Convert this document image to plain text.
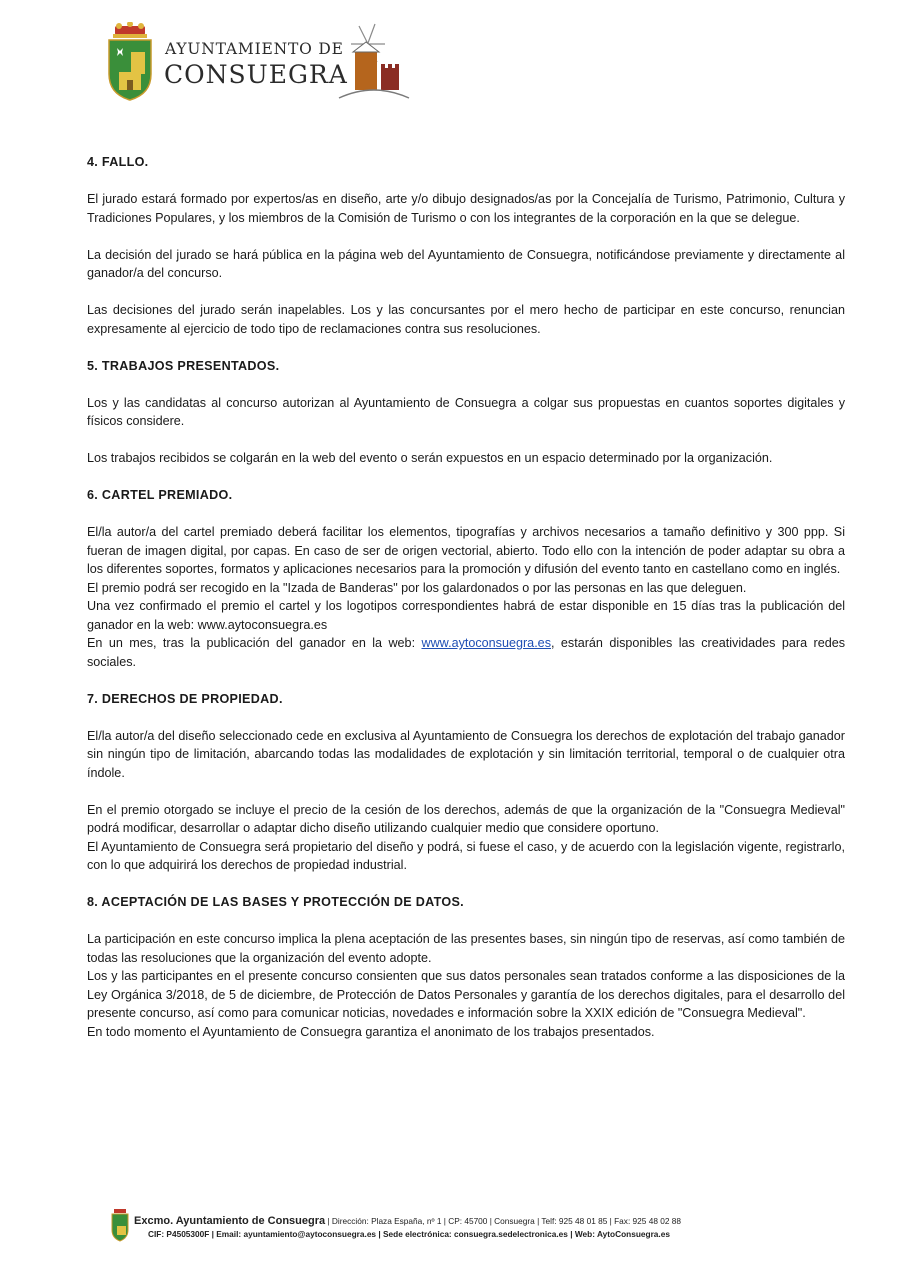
AYUNTAMIENTO DE
CONSUEGRA
4. FALLO.

El jurado estará formado por expertos/as en diseño, arte y/o dibujo designados/as por la Concejalía de Turismo, Patrimonio, Cultura y Tradiciones Populares, y los miembros de la Comisión de Turismo o con los integrantes de la corporación en la que se delegue.

La decisión del jurado se hará pública en la página web del Ayuntamiento de Consuegra, notificándose previamente y directamente al ganador/a del concurso.

Las decisiones del jurado serán inapelables. Los y las concursantes por el mero hecho de participar en este concurso, renuncian expresamente al ejercicio de todo tipo de reclamaciones contra sus resoluciones.

5. TRABAJOS PRESENTADOS.

Los y las candidatas al concurso autorizan al Ayuntamiento de Consuegra a colgar sus propuestas en cuantos soportes digitales y físicos considere.

Los trabajos recibidos se colgarán en la web del evento o serán expuestos en un espacio determinado por la organización.

6. CARTEL PREMIADO.

El/la autor/a del cartel premiado deberá facilitar los elementos, tipografías y archivos necesarios a tamaño definitivo y 300 ppp. Si fueran de imagen digital, por capas. En caso de ser de origen vectorial, abierto. Todo ello con la intención de poder adaptar su obra a los diferentes soportes, formatos y aplicaciones necesarios para la promoción y difusión del evento tanto en castellano como en inglés.

El premio podrá ser recogido en la "Izada de Banderas" por los galardonados o por las personas en las que deleguen.

Una vez confirmado el premio el cartel y los logotipos correspondientes habrá de estar disponible en 15 días tras la publicación del ganador en la web: www.aytoconsuegra.es

En un mes, tras la publicación del ganador en la web: www.aytoconsuegra.es, estarán disponibles las creatividades para redes sociales.

7. DERECHOS DE PROPIEDAD.

El/la autor/a del diseño seleccionado cede en exclusiva al Ayuntamiento de Consuegra los derechos de explotación del trabajo ganador sin ningún tipo de limitación, abarcando todas las modalidades de explotación y sin limitación territorial, temporal o de cualquier otra índole.

En el premio otorgado se incluye el precio de la cesión de los derechos, además de que la organización de la "Consuegra Medieval" podrá modificar, desarrollar o adaptar dicho diseño utilizando cualquier medio que considere oportuno.

El Ayuntamiento de Consuegra será propietario del diseño y podrá, si fuese el caso, y de acuerdo con la legislación vigente, registrarlo, con lo que adquirirá los derechos de propiedad industrial.

8. ACEPTACIÓN DE LAS BASES Y PROTECCIÓN DE DATOS.

La participación en este concurso implica la plena aceptación de las presentes bases, sin ningún tipo de reservas, así como también de todas las resoluciones que la organización del evento adopte.

Los y las participantes en el presente concurso consienten que sus datos personales sean tratados conforme a las disposiciones de la Ley Orgánica 3/2018, de 5 de diciembre, de Protección de Datos Personales y garantía de los derechos digitales, para el desarrollo del presente concurso, así como para comunicar noticias, novedades e información sobre la XXIX edición de "Consuegra Medieval".

En todo momento el Ayuntamiento de Consuegra garantiza el anonimato de los trabajos presentados.

Excmo. Ayuntamiento de Consuegra | Dirección: Plaza España, nº 1 | CP: 45700 | Consuegra | Telf: 925 48 01 85 | Fax: 925 48 02 88
CIF: P4505300F | Email: ayuntamiento@aytoconsuegra.es | Sede electrónica: consuegra.sedelectronica.es | Web: AytoConsuegra.es
